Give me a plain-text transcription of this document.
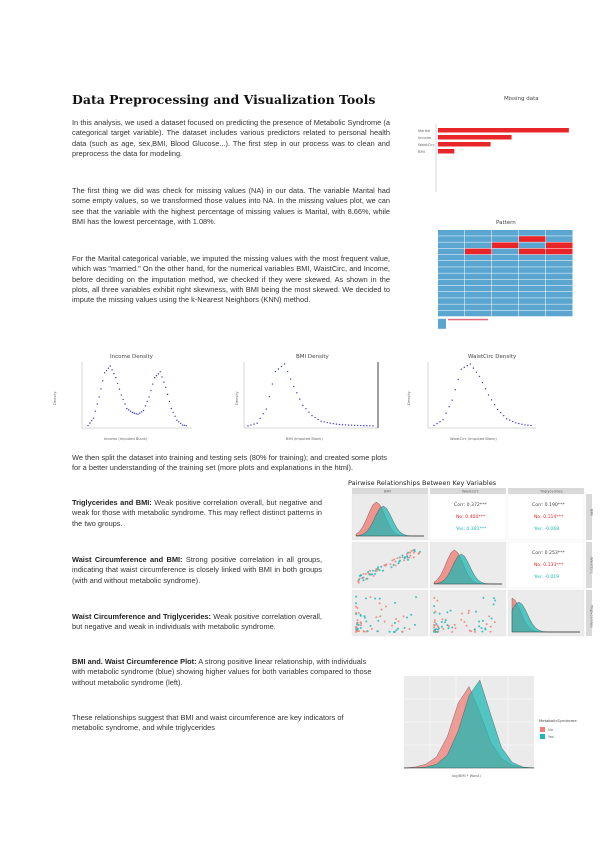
Data Preprocessing and Visualization Tools
In this analysis, we used a dataset focused on predicting the presence of Metabolic Syndrome (a categorical target variable). The dataset includes various predictors related to personal health data (such as age, sex,BMI, Blood Glucose...). The first step in our process was to clean and preprocess the data for modeling.
The first thing we did was check for missing values (NA) in our data. The variable Marital had some empty values, so we transformed those values into NA. In the missing values plot, we can see that the variable with the highest percentage of missing values is Marital, with 8.66%, while BMI has the lowest percentage, with 1.08%.
For the Marital categorical variable, we imputed the missing values with the most frequent value, which was "married." On the other hand, for the numerical variables BMI, WaistCirc, and Income, before deciding on the imputation method, we checked if they were skewed. As shown in the plots, all three variables exhibit right skewness, with BMI being the most skewed. We decided to impute the missing values using the k-Nearest Neighbors (KNN) method.
Missing data
Marital
Income
WaistCirc
BMI
Pattern
Income Density
Income (Imputed Blank)
Density
BMI Density
BMI (Imputed Blank)
Density
WaistCirc Density
WaistCirc (Imputed Blank)
Density
We then split the dataset into training and testing sets (80% for training); and created some plots for a better understanding of the training set (more plots and explanations in the html).
Triglycerides and BMI: Weak positive correlation overall, but negative and weak for those with metabolic syndrome. This may reflect distinct patterns in the two groups.
Waist Circumference and BMI: Strong positive correlation in all groups, indicating that waist circumference is closely linked with BMI in both groups (with and without metabolic syndrome).
Waist Circumference and Triglycerides: Weak positive correlation overall, but negative and weak in individuals with metabolic syndrome.
BMI and. Waist Circumference Plot: A strong positive linear relationship, with individuals with metabolic syndrome (blue) showing higher values for both variables compared to those without metabolic syndrome (left).
These relationships suggest that BMI and waist circumference are key indicators of metabolic syndrome, and while triglycerides
Pairwise Relationships Between Key Variables
BMI	WaistCirc	Triglycerides
BMI
WaistCirc
Triglycerides
Corr: 0.372***
No: 0.400***
Yes: 0.381***
Corr: 0.190***
No: 0.114***
Yes: -0.068
Corr: 0.253***
No: 0.133***
Yes: -0.019
log(BMI * Waist)
MetabolicSyndrome
No
Yes
